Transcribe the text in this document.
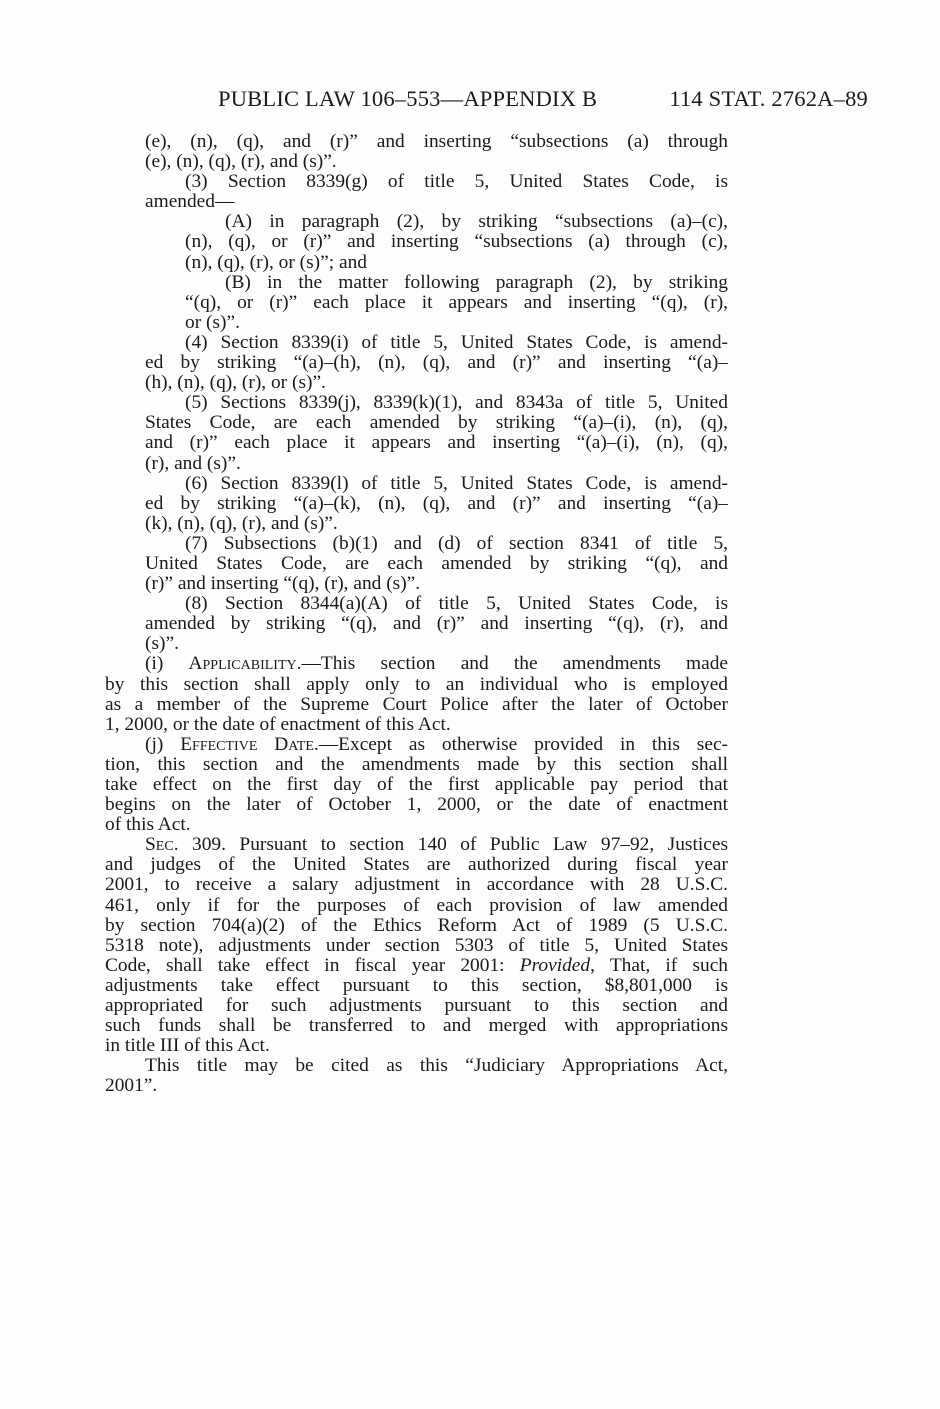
PUBLIC LAW 106–553—APPENDIX B	114 STAT. 2762A–89
(e), (n), (q), and (r)” and inserting “subsections (a) through
(e), (n), (q), (r), and (s)”.
(3) Section 8339(g) of title 5, United States Code, is
amended—
(A) in paragraph (2), by striking “subsections (a)–(c),
(n), (q), or (r)” and inserting “subsections (a) through (c),
(n), (q), (r), or (s)”; and
(B) in the matter following paragraph (2), by striking
“(q), or (r)” each place it appears and inserting “(q), (r),
or (s)”.
(4) Section 8339(i) of title 5, United States Code, is amend-
ed by striking “(a)–(h), (n), (q), and (r)” and inserting “(a)–
(h), (n), (q), (r), or (s)”.
(5) Sections 8339(j), 8339(k)(1), and 8343a of title 5, United
States Code, are each amended by striking “(a)–(i), (n), (q),
and (r)” each place it appears and inserting “(a)–(i), (n), (q),
(r), and (s)”.
(6) Section 8339(l) of title 5, United States Code, is amend-
ed by striking “(a)–(k), (n), (q), and (r)” and inserting “(a)–
(k), (n), (q), (r), and (s)”.
(7) Subsections (b)(1) and (d) of section 8341 of title 5,
United States Code, are each amended by striking “(q), and
(r)” and inserting “(q), (r), and (s)”.
(8) Section 8344(a)(A) of title 5, United States Code, is
amended by striking “(q), and (r)” and inserting “(q), (r), and
(s)”.
(i) Applicability.—This section and the amendments made
by this section shall apply only to an individual who is employed
as a member of the Supreme Court Police after the later of October
1, 2000, or the date of enactment of this Act.
(j) Effective Date.—Except as otherwise provided in this sec-
tion, this section and the amendments made by this section shall
take effect on the first day of the first applicable pay period that
begins on the later of October 1, 2000, or the date of enactment
of this Act.
Sec. 309. Pursuant to section 140 of Public Law 97–92, Justices
and judges of the United States are authorized during fiscal year
2001, to receive a salary adjustment in accordance with 28 U.S.C.
461, only if for the purposes of each provision of law amended
by section 704(a)(2) of the Ethics Reform Act of 1989 (5 U.S.C.
5318 note), adjustments under section 5303 of title 5, United States
Code, shall take effect in fiscal year 2001: Provided, That, if such
adjustments take effect pursuant to this section, $8,801,000 is
appropriated for such adjustments pursuant to this section and
such funds shall be transferred to and merged with appropriations
in title III of this Act.
This title may be cited as this “Judiciary Appropriations Act,
2001”.
